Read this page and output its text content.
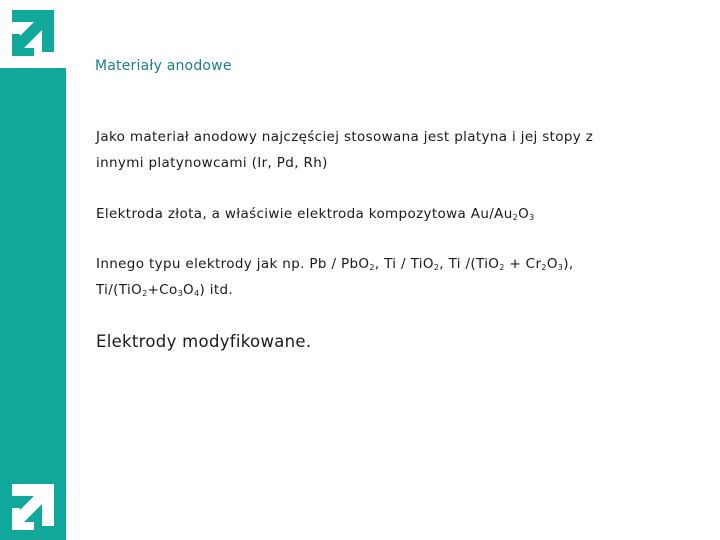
Materiały anodowe
Jako materiał anodowy najczęściej stosowana jest platyna i jej stopy z
innymi platynowcami (Ir, Pd, Rh)
Elektroda złota, a właściwie elektroda kompozytowa $Au/Au_2O_3$
Innego typu elektrody jak np. Pb / PbO$_2$, Ti / TiO$_2$, Ti $/(TiO_2 + Cr_2O_3)$,
$Ti/(TiO_2+Co_3O_4)$ itd.
Elektrody modyfikowane.
